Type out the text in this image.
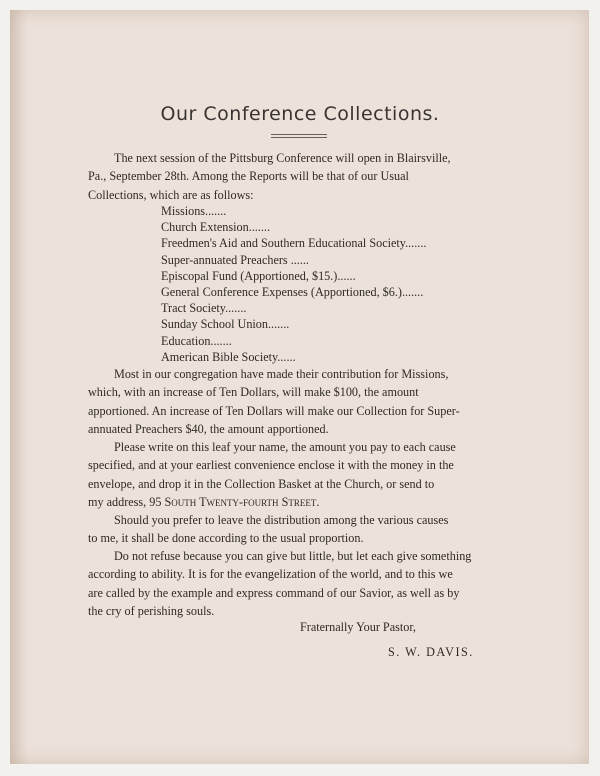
Our Conference Collections.
The next session of the Pittsburg Conference will open in Blairsville,
Pa., September 28th. Among the Reports will be that of our Usual
Collections, which are as follows:
Missions.......
Church Extension.......
Freedmen's Aid and Southern Educational Society.......
Super-annuated Preachers ......
Episcopal Fund (Apportioned, $15.)......
General Conference Expenses (Apportioned, $6.).......
Tract Society.......
Sunday School Union.......
Education.......
American Bible Society......
Most in our congregation have made their contribution for Missions,
which, with an increase of Ten Dollars, will make $100, the amount
apportioned. An increase of Ten Dollars will make our Collection for Super-
annuated Preachers $40, the amount apportioned.
Please write on this leaf your name, the amount you pay to each cause
specified, and at your earliest convenience enclose it with the money in the
envelope, and drop it in the Collection Basket at the Church, or send to
my address, 95 South Twenty-fourth Street.
Should you prefer to leave the distribution among the various causes
to me, it shall be done according to the usual proportion.
Do not refuse because you can give but little, but let each give something
according to ability. It is for the evangelization of the world, and to this we
are called by the example and express command of our Savior, as well as by
the cry of perishing souls.
Fraternally Your Pastor,
S. W. DAVIS.
